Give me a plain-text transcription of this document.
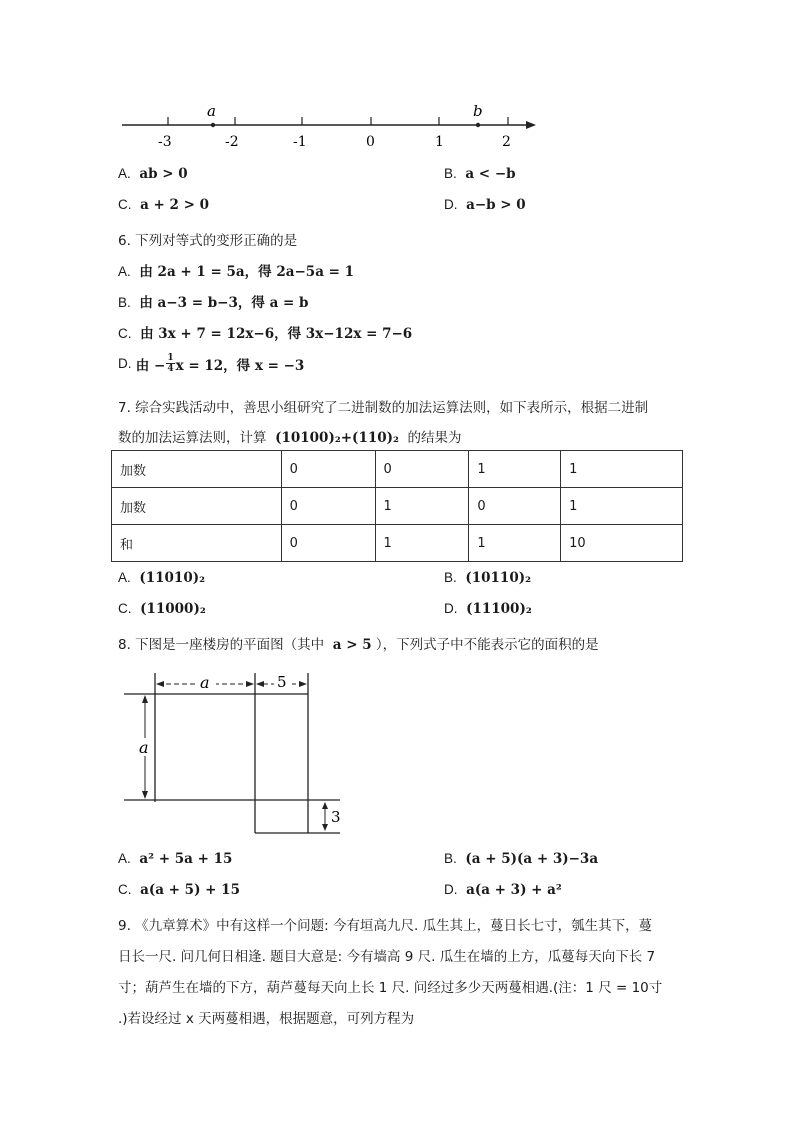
a	b
-3	-2	-1	0	1	2
A. ab > 0	B. a < −b
C. a + 2 > 0	D. a−b > 0
6. 下列对等式的变形正确的是
A. 由 2a + 1 = 5a，得 2a−5a = 1
B. 由 a−3 = b−3，得 a = b
C. 由 3x + 7 = 12x−6，得 3x−12x = 7−6
D.
由 − $\frac{1}{4}$ x = 12，得 x = −3
7. 综合实践活动中，善思小组研究了二进制数的加法运算法则，如下表所示，根据二进制
数的加法运算法则，计算 (10100)₂+(110)₂ 的结果为
加数	0	0	1	1
加数	0	1	0	1
和	0	1	1	10
A. (11010)₂	B. (10110)₂
C. (11000)₂	D. (11100)₂
8. 下图是一座楼房的平面图（其中 a > 5 ），下列式子中不能表示它的面积的是
a	5
a
3
A. a² + 5a + 15	B. (a + 5)(a + 3)−3a
C. a(a + 5) + 15	D. a(a + 3) + a²
9. 《九章算术》中有这样一个问题: 今有垣高九尺. 瓜生其上，蔓日长七寸，瓠生其下，蔓
日长一尺. 问几何日相逢. 题目大意是: 今有墙高 9 尺. 瓜生在墙的上方，瓜蔓每天向下长 7
寸；葫芦生在墙的下方，葫芦蔓每天向上长 1 尺. 问经过多少天两蔓相遇.(注：1 尺 = 10寸
.)若设经过 x 天两蔓相遇，根据题意，可列方程为
